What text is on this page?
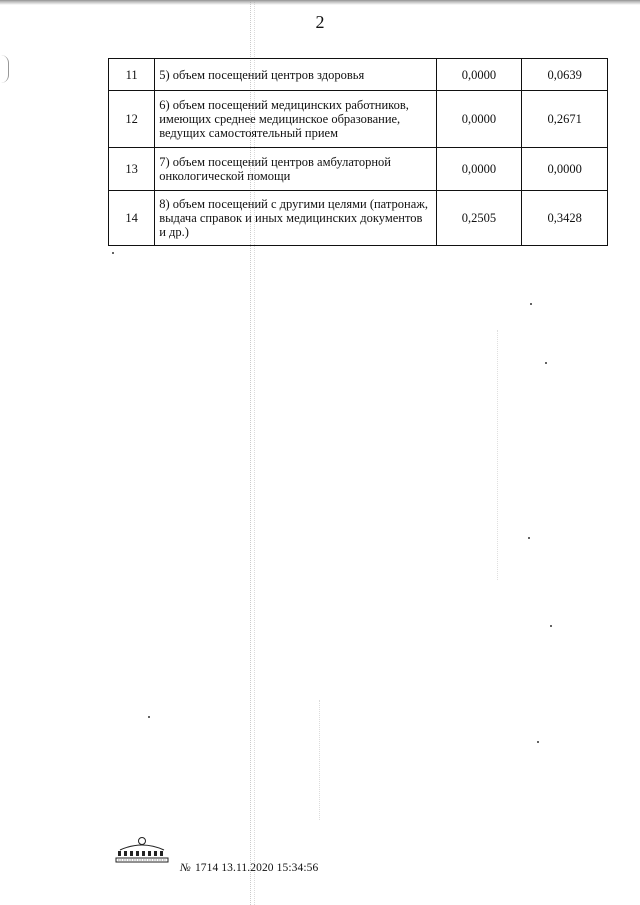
2
11	5) объем посещений центров здоровья	0,0000	0,0639
12	6) объем посещений медицинских работников, имеющих среднее медицинское образование, ведущих самостоятельный прием	0,0000	0,2671
13	7) объем посещений центров амбулаторной онкологической помощи	0,0000	0,0000
14	8) объем посещений с другими целями (патронаж, выдача справок и иных медицинских документов и др.)	0,2505	0,3428
№ 1714 13.11.2020 15:34:56
